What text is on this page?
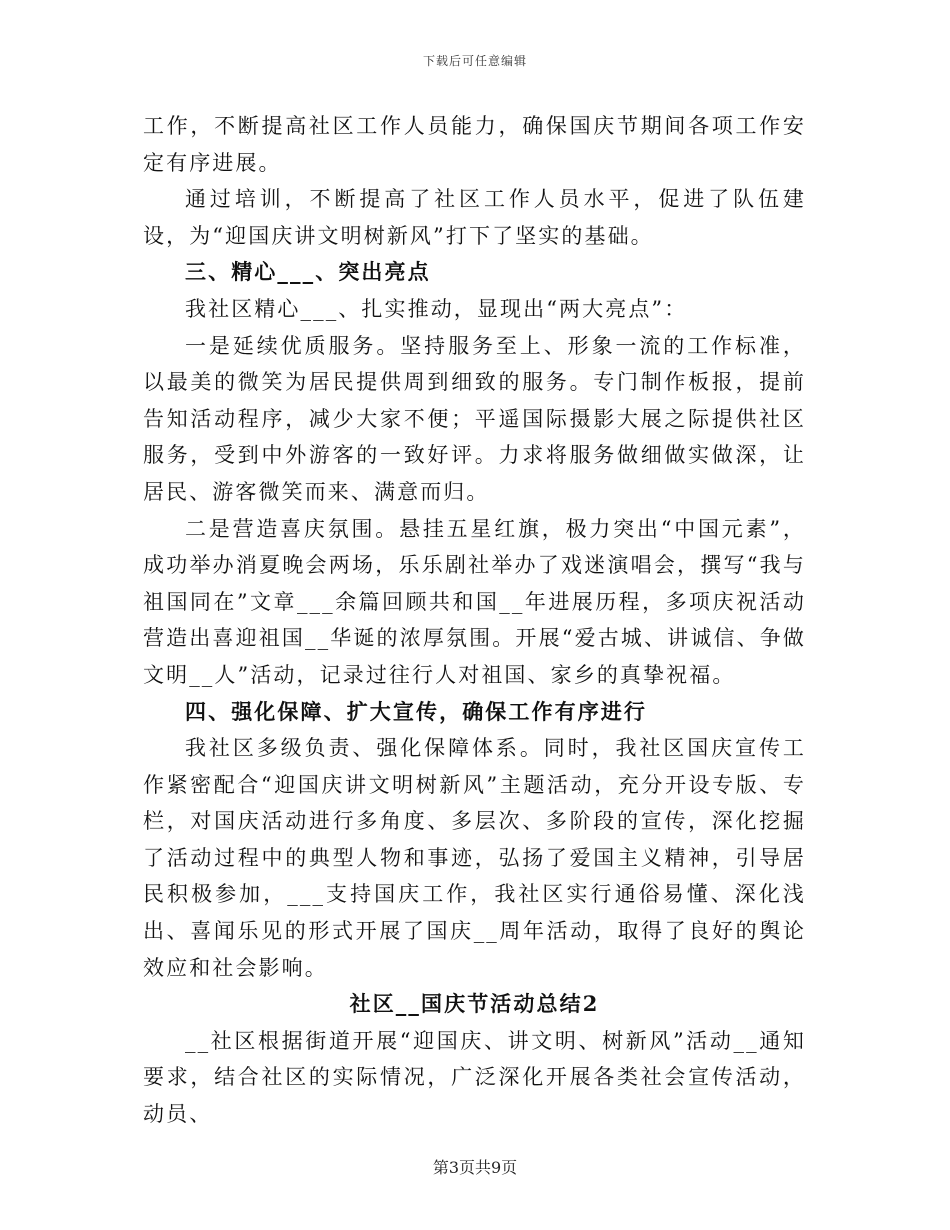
下载后可任意编辑

工作，不断提高社区工作人员能力，确保国庆节期间各项工作安定有序进展。

通过培训，不断提高了社区工作人员水平，促进了队伍建设，为“迎国庆讲文明树新风”打下了坚实的基础。

三、精心___、突出亮点

我社区精心___、扎实推动，显现出“两大亮点”：

一是延续优质服务。坚持服务至上、形象一流的工作标准，以最美的微笑为居民提供周到细致的服务。专门制作板报，提前告知活动程序，减少大家不便；平遥国际摄影大展之际提供社区服务，受到中外游客的一致好评。力求将服务做细做实做深，让居民、游客微笑而来、满意而归。

二是营造喜庆氛围。悬挂五星红旗，极力突出“中国元素”，成功举办消夏晚会两场，乐乐剧社举办了戏迷演唱会，撰写“我与祖国同在”文章___余篇回顾共和国__年进展历程，多项庆祝活动营造出喜迎祖国__华诞的浓厚氛围。开展“爱古城、讲诚信、争做文明__人”活动，记录过往行人对祖国、家乡的真挚祝福。

四、强化保障、扩大宣传，确保工作有序进行

我社区多级负责、强化保障体系。同时，我社区国庆宣传工作紧密配合“迎国庆讲文明树新风”主题活动，充分开设专版、专栏，对国庆活动进行多角度、多层次、多阶段的宣传，深化挖掘了活动过程中的典型人物和事迹，弘扬了爱国主义精神，引导居民积极参加，___支持国庆工作，我社区实行通俗易懂、深化浅出、喜闻乐见的形式开展了国庆__周年活动，取得了良好的舆论效应和社会影响。

社区__国庆节活动总结2

__社区根据街道开展“迎国庆、讲文明、树新风”活动__通知要求，结合社区的实际情况，广泛深化开展各类社会宣传活动，动员、

第3页共9页
